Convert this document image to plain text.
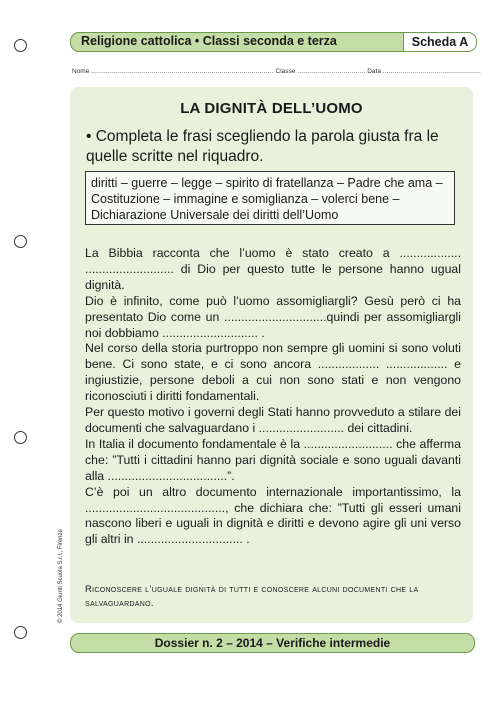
Religione cattolica • Classi seconda e terza	Scheda A
Nome ........................................................................................... Classe .................................. Data .................................................
LA DIGNITÀ DELL’UOMO
• Completa le frasi scegliendo la parola giusta fra le quelle scritte nel riquadro.
diritti – guerre – legge – spirito di fratellanza – Padre che ama – Costituzione – immagine e somiglianza – volerci bene – Dichiarazione Universale dei diritti dell’Uomo

La Bibbia racconta che l’uomo è stato creato a .................. .......................... di Dio per questo tutte le persone hanno ugual dignità.

Dio è infinito, come può l’uomo assomigliargli? Gesù però ci ha presentato Dio come un ..............................quindi per assomigliargli noi dobbiamo ............................ .

Nel corso della storia purtroppo non sempre gli uomini si sono voluti bene. Ci sono state, e ci sono ancora .................. .................. e ingiustizie, persone deboli a cui non sono stati e non vengono riconosciuti i diritti fondamentali.

Per questo motivo i governi degli Stati hanno provveduto a stilare dei documenti che salvaguardano i ......................... dei cittadini.

In Italia il documento fondamentale è la .......................... che afferma che: ”Tutti i cittadini hanno pari dignità sociale e sono uguali davanti alla ...................................”.

C’è poi un altro documento internazionale importantissimo, la ........................................., che dichiara che: ”Tutti gli esseri umani nascono liberi e uguali in dignità e diritti e devono agire gli uni verso gli altri in ............................... .

Riconoscere l’uguale dignità di tutti e conoscere alcuni documenti che la salvaguardano.
© 2014 Giunti Scuola S.r.l., Firenze
Dossier n. 2 – 2014 – Verifiche intermedie
